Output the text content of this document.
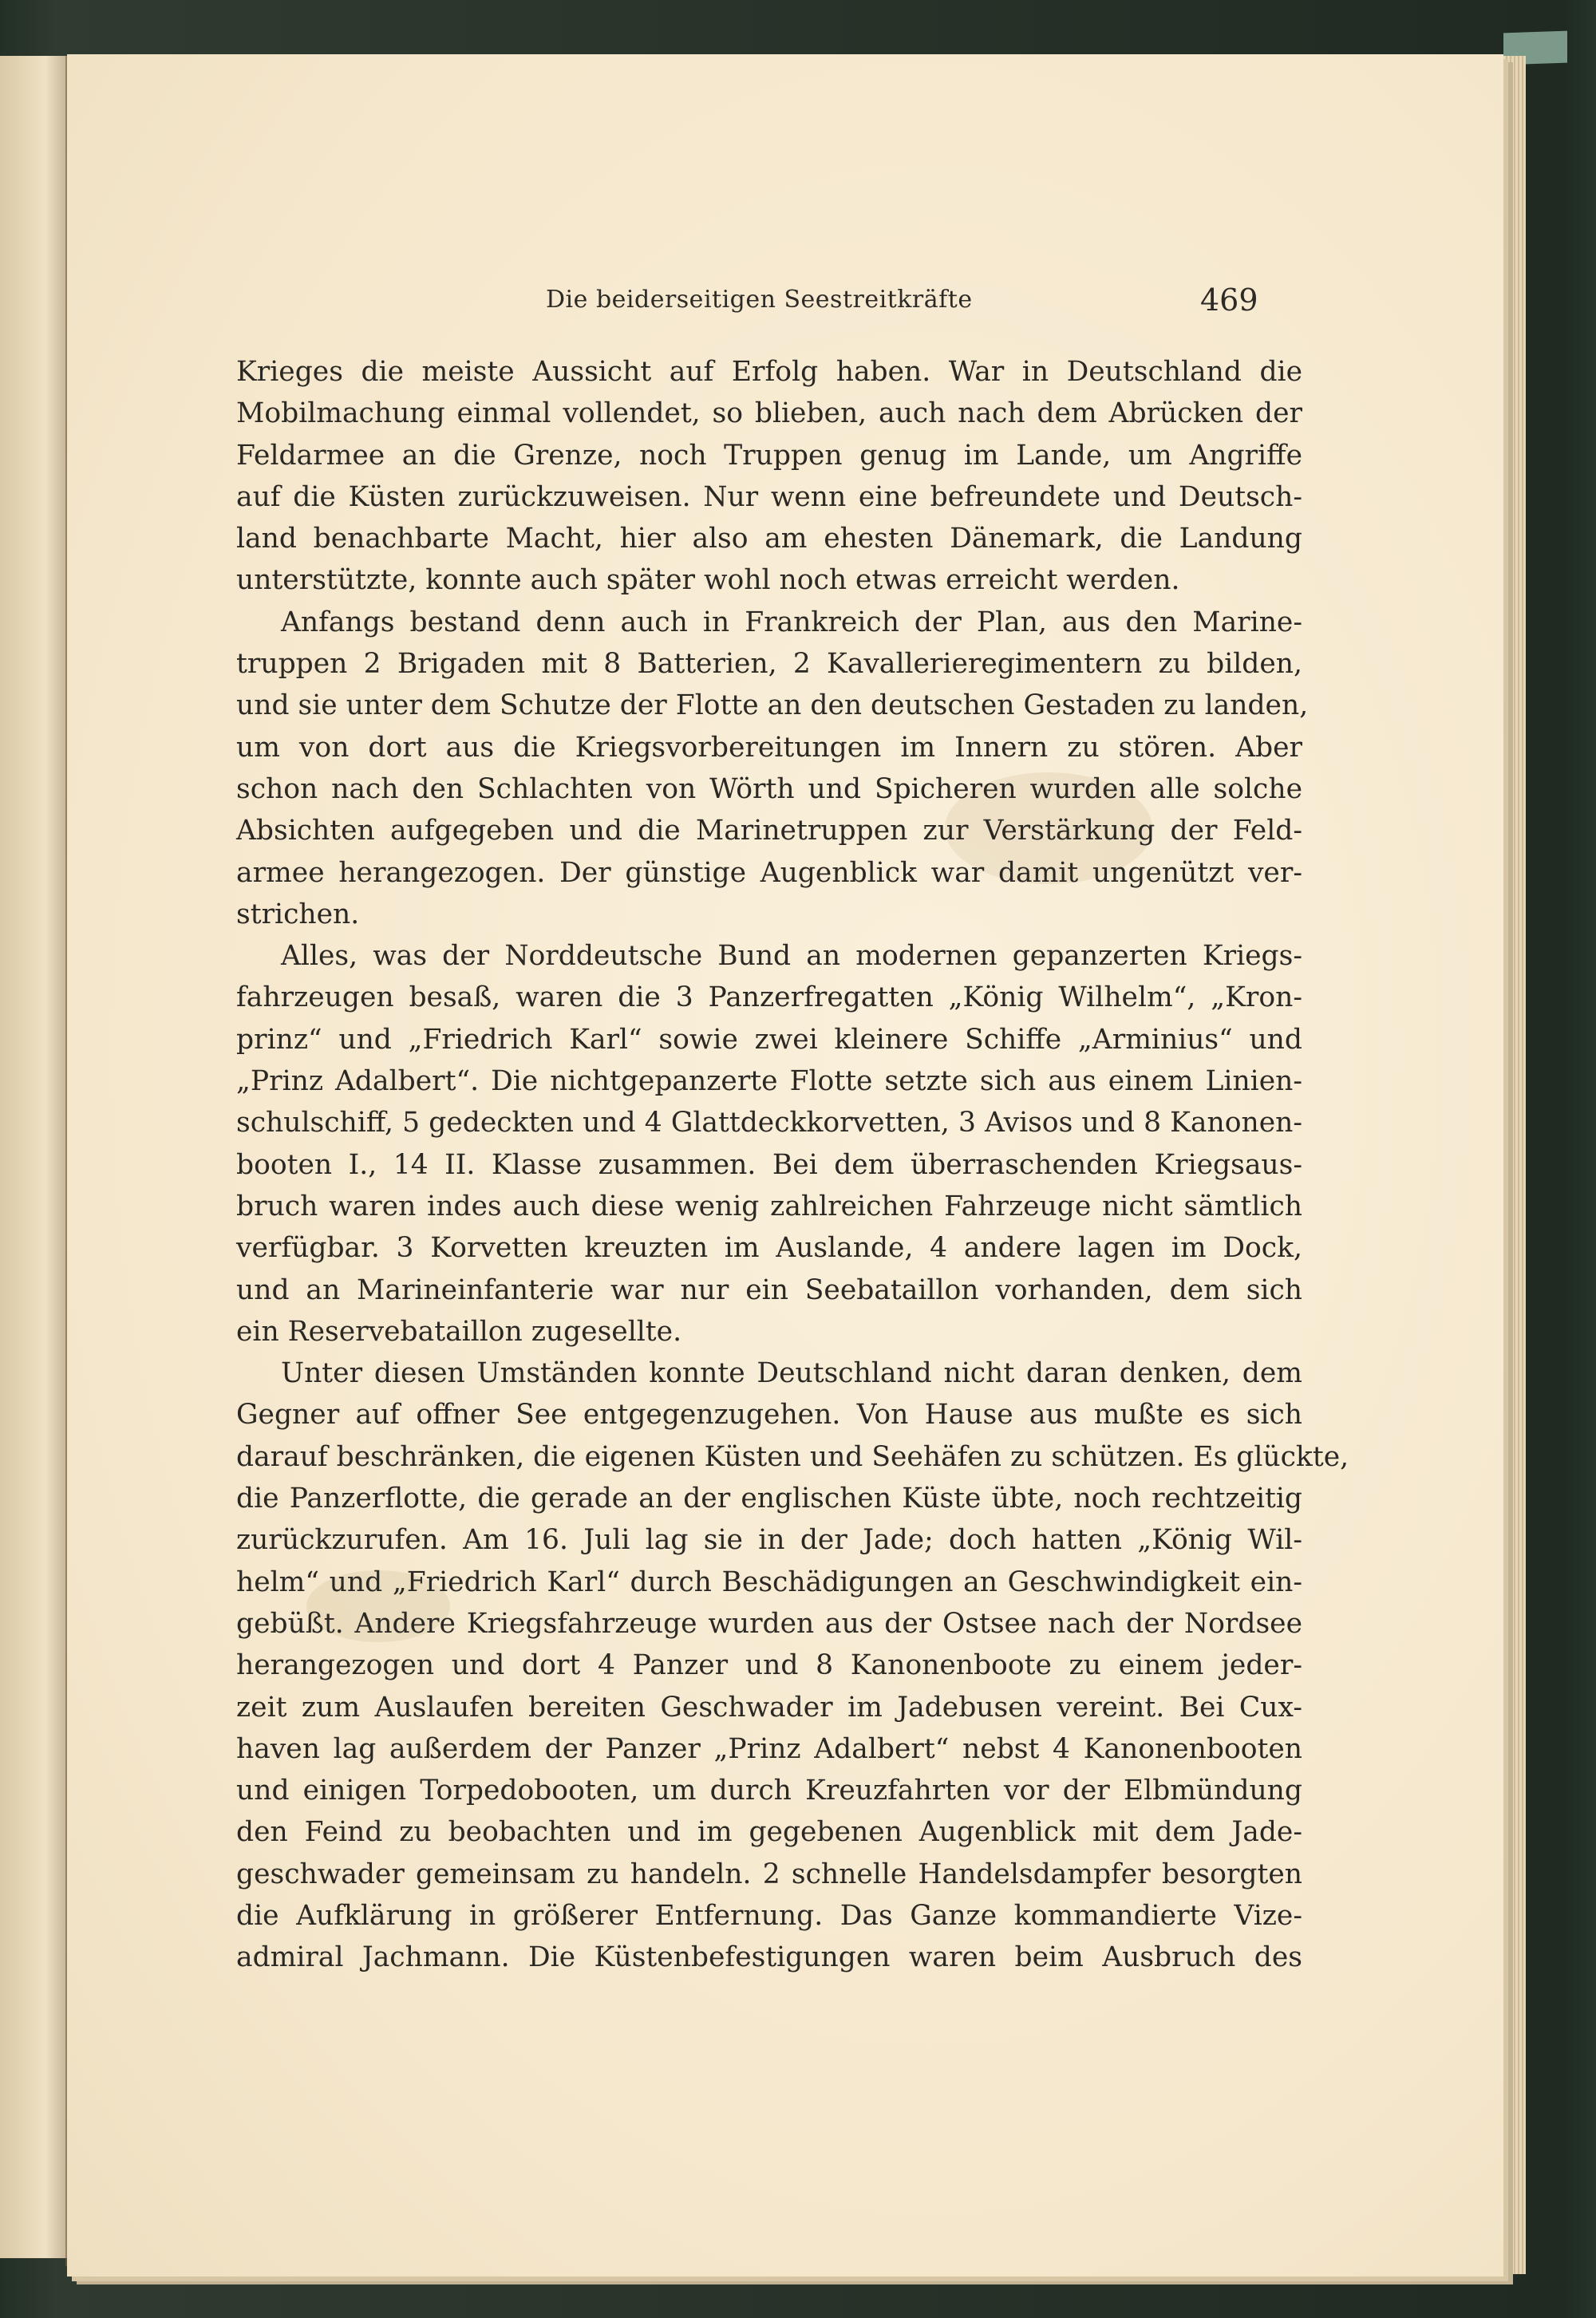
Die beiderseitigen Seestreitkräfte	469

Krieges die meiste Aussicht auf Erfolg haben. War in Deutschland die
Mobilmachung einmal vollendet, so blieben, auch nach dem Abrücken der
Feldarmee an die Grenze, noch Truppen genug im Lande, um Angriffe
auf die Küsten zurückzuweisen. Nur wenn eine befreundete und Deutsch-
land benachbarte Macht, hier also am ehesten Dänemark, die Landung
unterstützte, konnte auch später wohl noch etwas erreicht werden.

Anfangs bestand denn auch in Frankreich der Plan, aus den Marine-
truppen 2 Brigaden mit 8 Batterien, 2 Kavallerieregimentern zu bilden,
und sie unter dem Schutze der Flotte an den deutschen Gestaden zu landen,
um von dort aus die Kriegsvorbereitungen im Innern zu stören. Aber
schon nach den Schlachten von Wörth und Spicheren wurden alle solche
Absichten aufgegeben und die Marinetruppen zur Verstärkung der Feld-
armee herangezogen. Der günstige Augenblick war damit ungenützt ver-
strichen.

Alles, was der Norddeutsche Bund an modernen gepanzerten Kriegs-
fahrzeugen besaß, waren die 3 Panzerfregatten „König Wilhelm“, „Kron-
prinz“ und „Friedrich Karl“ sowie zwei kleinere Schiffe „Arminius“ und
„Prinz Adalbert“. Die nichtgepanzerte Flotte setzte sich aus einem Linien-
schulschiff, 5 gedeckten und 4 Glattdeckkorvetten, 3 Avisos und 8 Kanonen-
booten I., 14 II. Klasse zusammen. Bei dem überraschenden Kriegsaus-
bruch waren indes auch diese wenig zahlreichen Fahrzeuge nicht sämtlich
verfügbar. 3 Korvetten kreuzten im Auslande, 4 andere lagen im Dock,
und an Marineinfanterie war nur ein Seebataillon vorhanden, dem sich
ein Reservebataillon zugesellte.

Unter diesen Umständen konnte Deutschland nicht daran denken, dem
Gegner auf offner See entgegenzugehen. Von Hause aus mußte es sich
darauf beschränken, die eigenen Küsten und Seehäfen zu schützen. Es glückte,
die Panzerflotte, die gerade an der englischen Küste übte, noch rechtzeitig
zurückzurufen. Am 16. Juli lag sie in der Jade; doch hatten „König Wil-
helm“ und „Friedrich Karl“ durch Beschädigungen an Geschwindigkeit ein-
gebüßt. Andere Kriegsfahrzeuge wurden aus der Ostsee nach der Nordsee
herangezogen und dort 4 Panzer und 8 Kanonenboote zu einem jeder-
zeit zum Auslaufen bereiten Geschwader im Jadebusen vereint. Bei Cux-
haven lag außerdem der Panzer „Prinz Adalbert“ nebst 4 Kanonenbooten
und einigen Torpedobooten, um durch Kreuzfahrten vor der Elbmündung
den Feind zu beobachten und im gegebenen Augenblick mit dem Jade-
geschwader gemeinsam zu handeln. 2 schnelle Handelsdampfer besorgten
die Aufklärung in größerer Entfernung. Das Ganze kommandierte Vize-
admiral Jachmann. Die Küstenbefestigungen waren beim Ausbruch des
